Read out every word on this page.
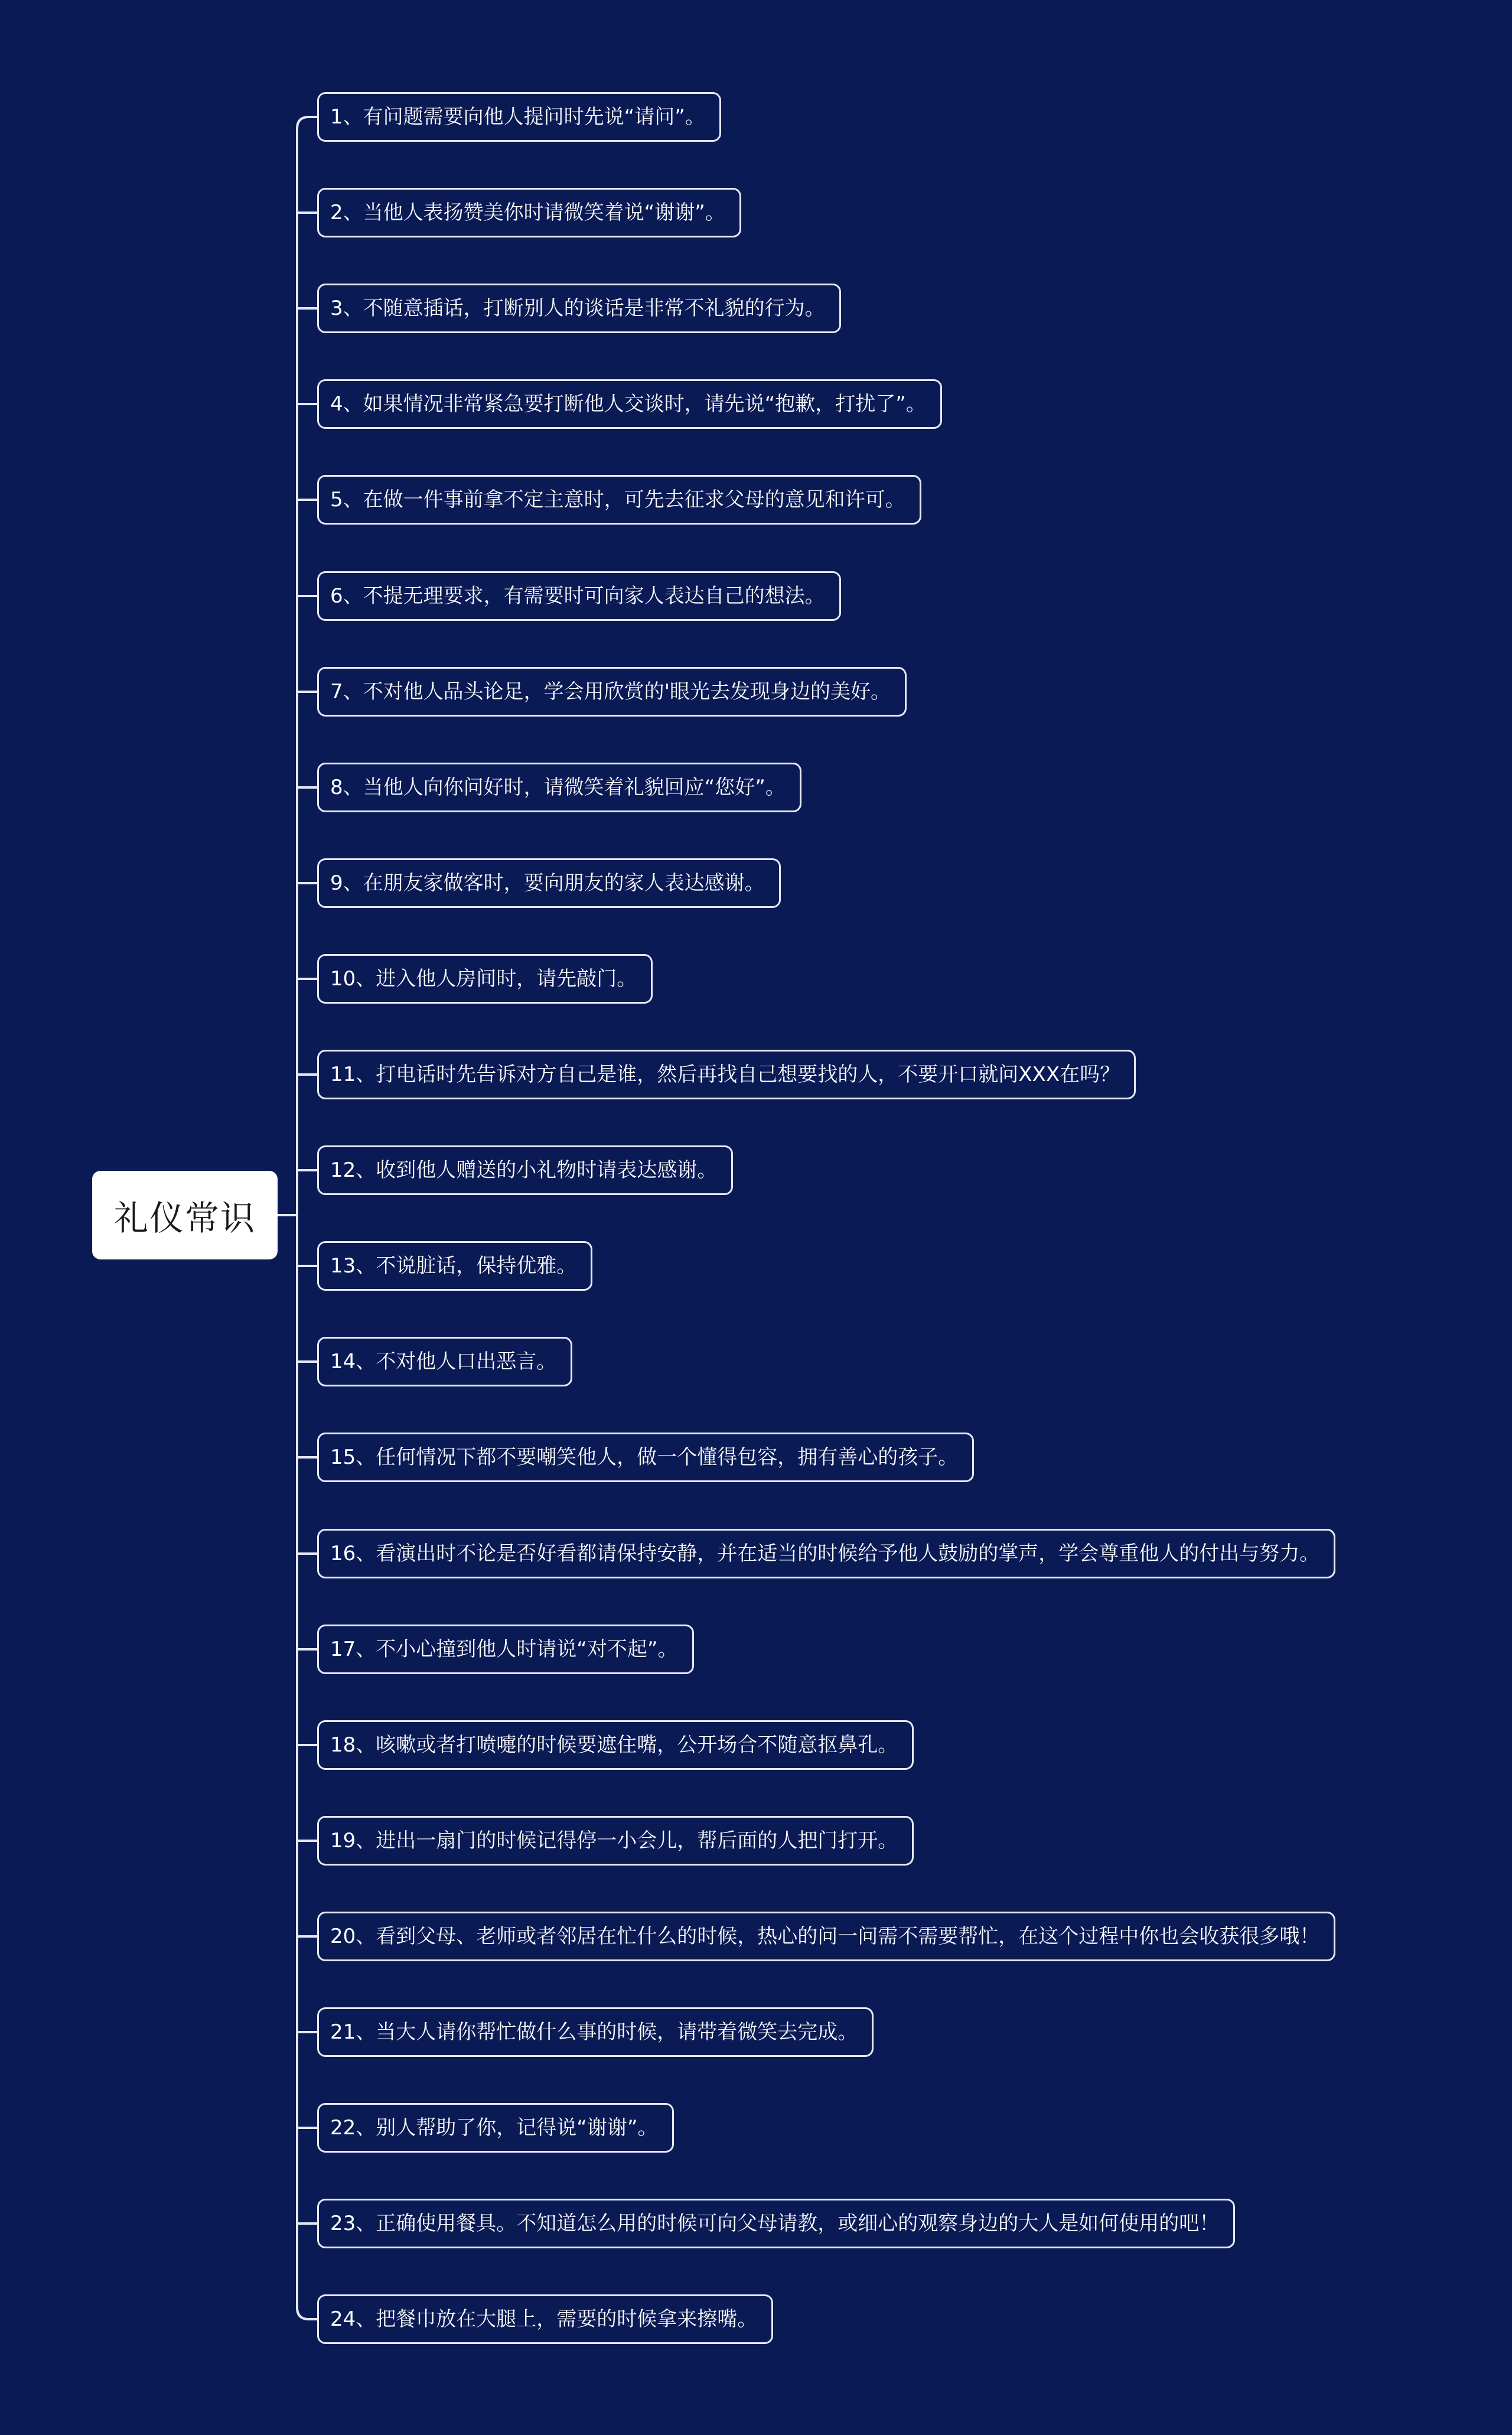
礼仪常识
1、有问题需要向他人提问时先说“请问”。
2、当他人表扬赞美你时请微笑着说“谢谢”。
3、不随意插话，打断别人的谈话是非常不礼貌的行为。
4、如果情况非常紧急要打断他人交谈时，请先说“抱歉，打扰了”。
5、在做一件事前拿不定主意时，可先去征求父母的意见和许可。
6、不提无理要求，有需要时可向家人表达自己的想法。
7、不对他人品头论足，学会用欣赏的'眼光去发现身边的美好。
8、当他人向你问好时，请微笑着礼貌回应“您好”。
9、在朋友家做客时，要向朋友的家人表达感谢。
10、进入他人房间时，请先敲门。
11、打电话时先告诉对方自己是谁，然后再找自己想要找的人，不要开口就问XXX在吗？
12、收到他人赠送的小礼物时请表达感谢。
13、不说脏话，保持优雅。
14、不对他人口出恶言。
15、任何情况下都不要嘲笑他人，做一个懂得包容，拥有善心的孩子。
16、看演出时不论是否好看都请保持安静，并在适当的时候给予他人鼓励的掌声，学会尊重他人的付出与努力。
17、不小心撞到他人时请说“对不起”。
18、咳嗽或者打喷嚏的时候要遮住嘴，公开场合不随意抠鼻孔。
19、进出一扇门的时候记得停一小会儿，帮后面的人把门打开。
20、看到父母、老师或者邻居在忙什么的时候，热心的问一问需不需要帮忙，在这个过程中你也会收获很多哦！
21、当大人请你帮忙做什么事的时候，请带着微笑去完成。
22、别人帮助了你，记得说“谢谢”。
23、正确使用餐具。不知道怎么用的时候可向父母请教，或细心的观察身边的大人是如何使用的吧！
24、把餐巾放在大腿上，需要的时候拿来擦嘴。
